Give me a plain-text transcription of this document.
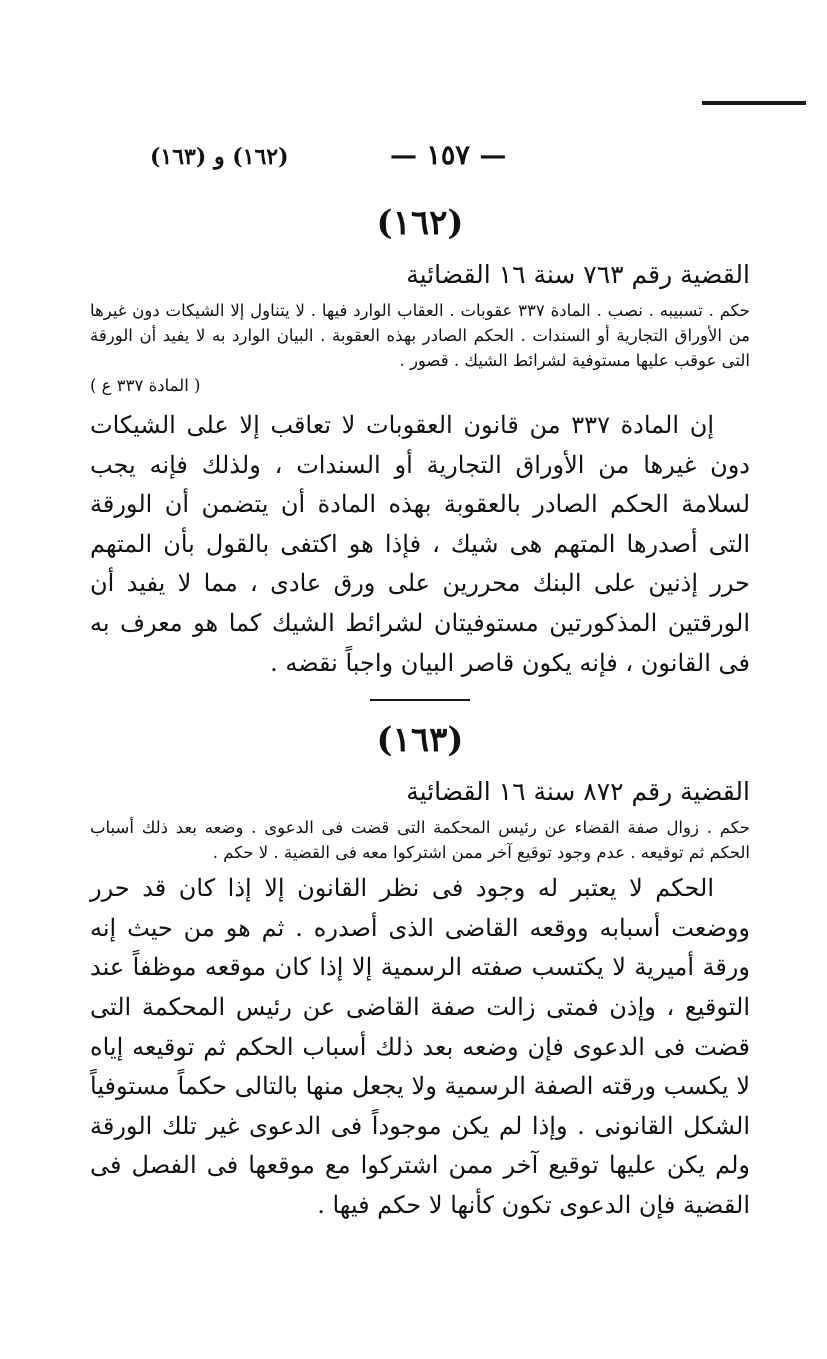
— ١٥٧ —
(١٦٢) و (١٦٣)
(١٦٢)
القضية رقم ٧٦٣ سنة ١٦ القضائية

حكم . تسبيبه . نصب . المادة ٣٣٧ عقوبات . العقاب الوارد فيها . لا يتناول إلا الشيكات دون غيرها من الأوراق التجارية أو السندات . الحكم الصادر بهذه العقوبة . البيان الوارد به لا يفيد أن الورقة التى عوقب عليها مستوفية لشرائط الشيك . قصور .

( المادة ٣٣٧ ع )

إن المادة ٣٣٧ من قانون العقوبات لا تعاقب إلا على الشيكات دون غيرها من الأوراق التجارية أو السندات ، ولذلك فإنه يجب لسلامة الحكم الصادر بالعقوبة بهذه المادة أن يتضمن أن الورقة التى أصدرها المتهم هى شيك ، فإذا هو اكتفى بالقول بأن المتهم حرر إذنين على البنك محررين على ورق عادى ، مما لا يفيد أن الورقتين المذكورتين مستوفيتان لشرائط الشيك كما هو معرف به فى القانون ، فإنه يكون قاصر البيان واجباً نقضه .

(١٦٣)
القضية رقم ٨٧٢ سنة ١٦ القضائية

حكم . زوال صفة القضاء عن رئيس المحكمة التى قضت فى الدعوى . وضعه بعد ذلك أسباب الحكم ثم توقيعه . عدم وجود توقيع آخر ممن اشتركوا معه فى القضية . لا حكم .

الحكم لا يعتبر له وجود فى نظر القانون إلا إذا كان قد حرر ووضعت أسبابه ووقعه القاضى الذى أصدره . ثم هو من حيث إنه ورقة أميرية لا يكتسب صفته الرسمية إلا إذا كان موقعه موظفاً عند التوقيع ، وإذن فمتى زالت صفة القاضى عن رئيس المحكمة التى قضت فى الدعوى فإن وضعه بعد ذلك أسباب الحكم ثم توقيعه إياه لا يكسب ورقته الصفة الرسمية ولا يجعل منها بالتالى حكماً مستوفياً الشكل القانونى . وإذا لم يكن موجوداً فى الدعوى غير تلك الورقة ولم يكن عليها توقيع آخر ممن اشتركوا مع موقعها فى الفصل فى القضية فإن الدعوى تكون كأنها لا حكم فيها .
